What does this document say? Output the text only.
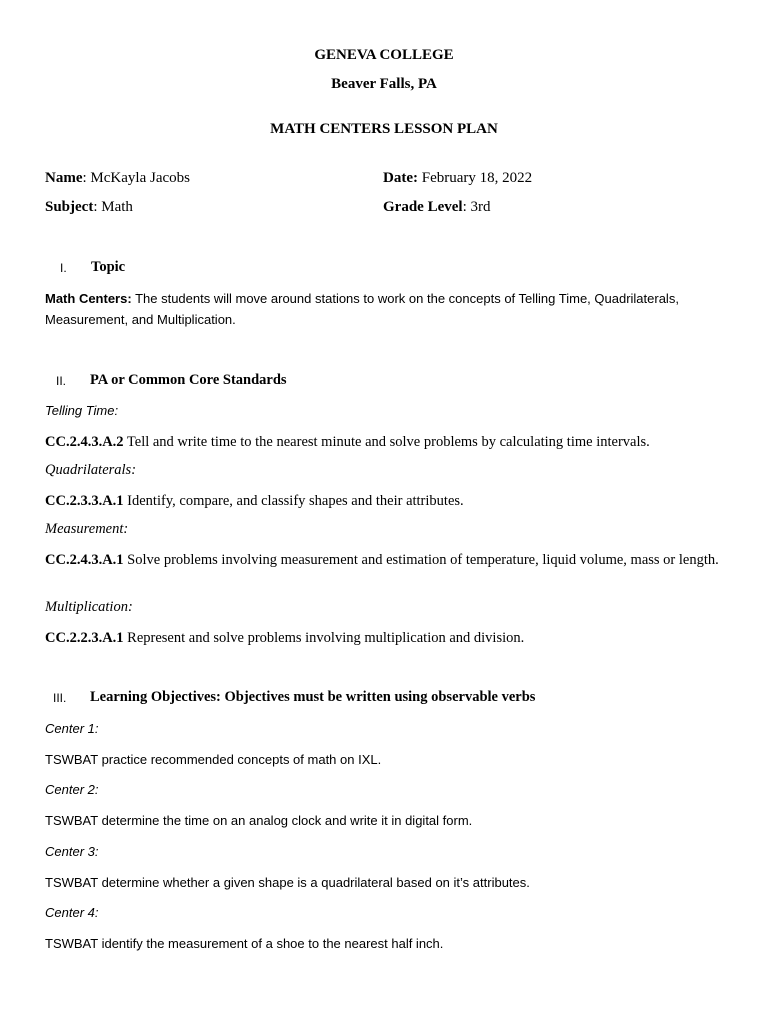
GENEVA COLLEGE
Beaver Falls, PA
MATH CENTERS LESSON PLAN
Name: McKayla Jacobs	Date: February 18, 2022
Subject: Math	Grade Level: 3rd
I. Topic
Math Centers: The students will move around stations to work on the concepts of Telling Time, Quadrilaterals, Measurement, and Multiplication.
II. PA or Common Core Standards
Telling Time:
CC.2.4.3.A.2 Tell and write time to the nearest minute and solve problems by calculating time intervals.
Quadrilaterals:
CC.2.3.3.A.1 Identify, compare, and classify shapes and their attributes.
Measurement:
CC.2.4.3.A.1 Solve problems involving measurement and estimation of temperature, liquid volume, mass or length.
Multiplication:
CC.2.2.3.A.1 Represent and solve problems involving multiplication and division.
III. Learning Objectives: Objectives must be written using observable verbs
Center 1:
TSWBAT practice recommended concepts of math on IXL.
Center 2:
TSWBAT determine the time on an analog clock and write it in digital form.
Center 3:
TSWBAT determine whether a given shape is a quadrilateral based on it’s attributes.
Center 4:
TSWBAT identify the measurement of a shoe to the nearest half inch.
